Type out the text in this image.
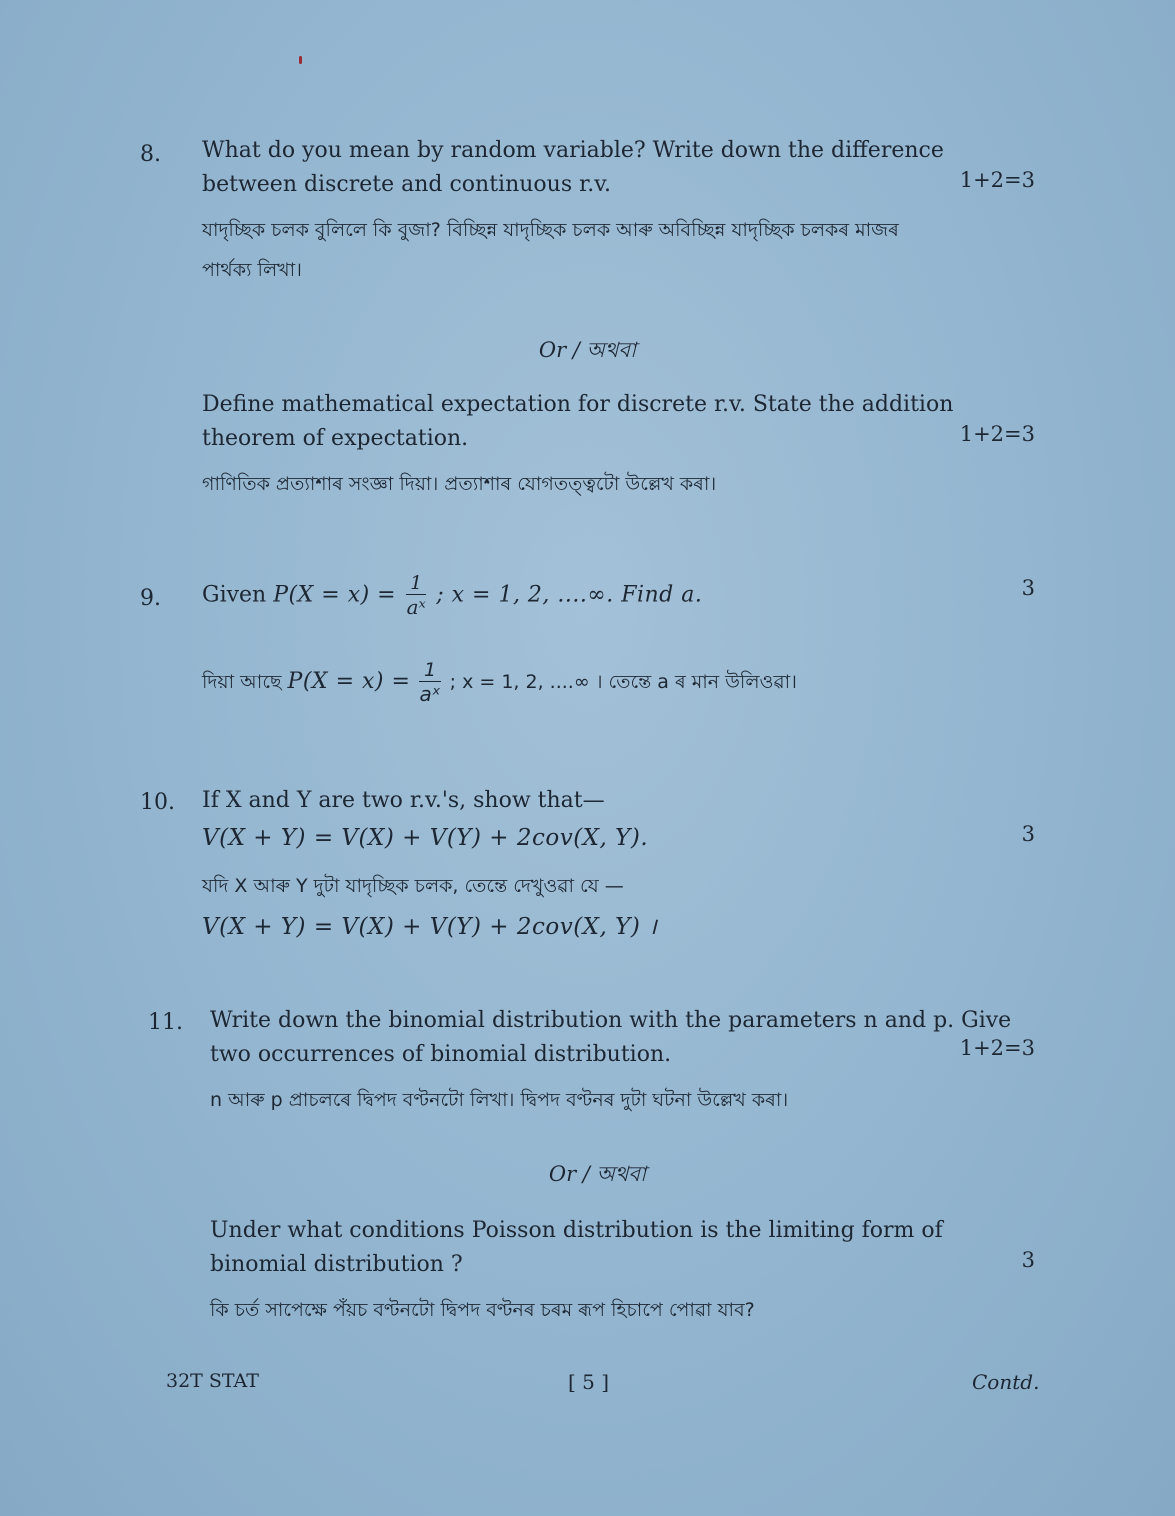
8. What do you mean by random variable? Write down the difference
between discrete and continuous r.v.
যাদৃচ্ছিক চলক বুলিলে কি বুজা? বিচ্ছিন্ন যাদৃচ্ছিক চলক আৰু অবিচ্ছিন্ন যাদৃচ্ছিক চলকৰ মাজৰ
পাৰ্থক্য লিখা।
1+2=3
Or / অথবা
Define mathematical expectation for discrete r.v. State the addition
theorem of expectation.
গাণিতিক প্ৰত্যাশাৰ সংজ্ঞা দিয়া। প্ৰত্যাশাৰ যোগতত্ত্বটো উল্লেখ কৰা।
1+2=3
9. Given $P(X = x) = \frac{1}{\text{aˣ}}$ ; x = 1, 2, ....∞. Find a.
দিয়া আছে $P(X = x) = \frac{1}{\text{aˣ}}$ ; x = 1, 2, ....∞ । তেন্তে a ৰ মান উলিওৱা।
3
10. If X and Y are two r.v.'s, show that—
V(X + Y) = V(X) + V(Y) + 2cov(X, Y).
যদি X আৰু Y দুটা যাদৃচ্ছিক চলক, তেন্তে দেখুওৱা যে —
V(X + Y) = V(X) + V(Y) + 2cov(X, Y) ।
3
11. Write down the binomial distribution with the parameters n and p. Give
two occurrences of binomial distribution.
n আৰু p প্ৰাচলৰে দ্বিপদ বণ্টনটো লিখা। দ্বিপদ বণ্টনৰ দুটা ঘটনা উল্লেখ কৰা।
1+2=3
Or / অথবা
Under what conditions Poisson distribution is the limiting form of
binomial distribution ?
কি চৰ্ত সাপেক্ষে পঁয়চ বণ্টনটো দ্বিপদ বণ্টনৰ চৰম ৰূপ হিচাপে পোৱা যাব?
3
32T STAT	[ 5 ]	Contd.
